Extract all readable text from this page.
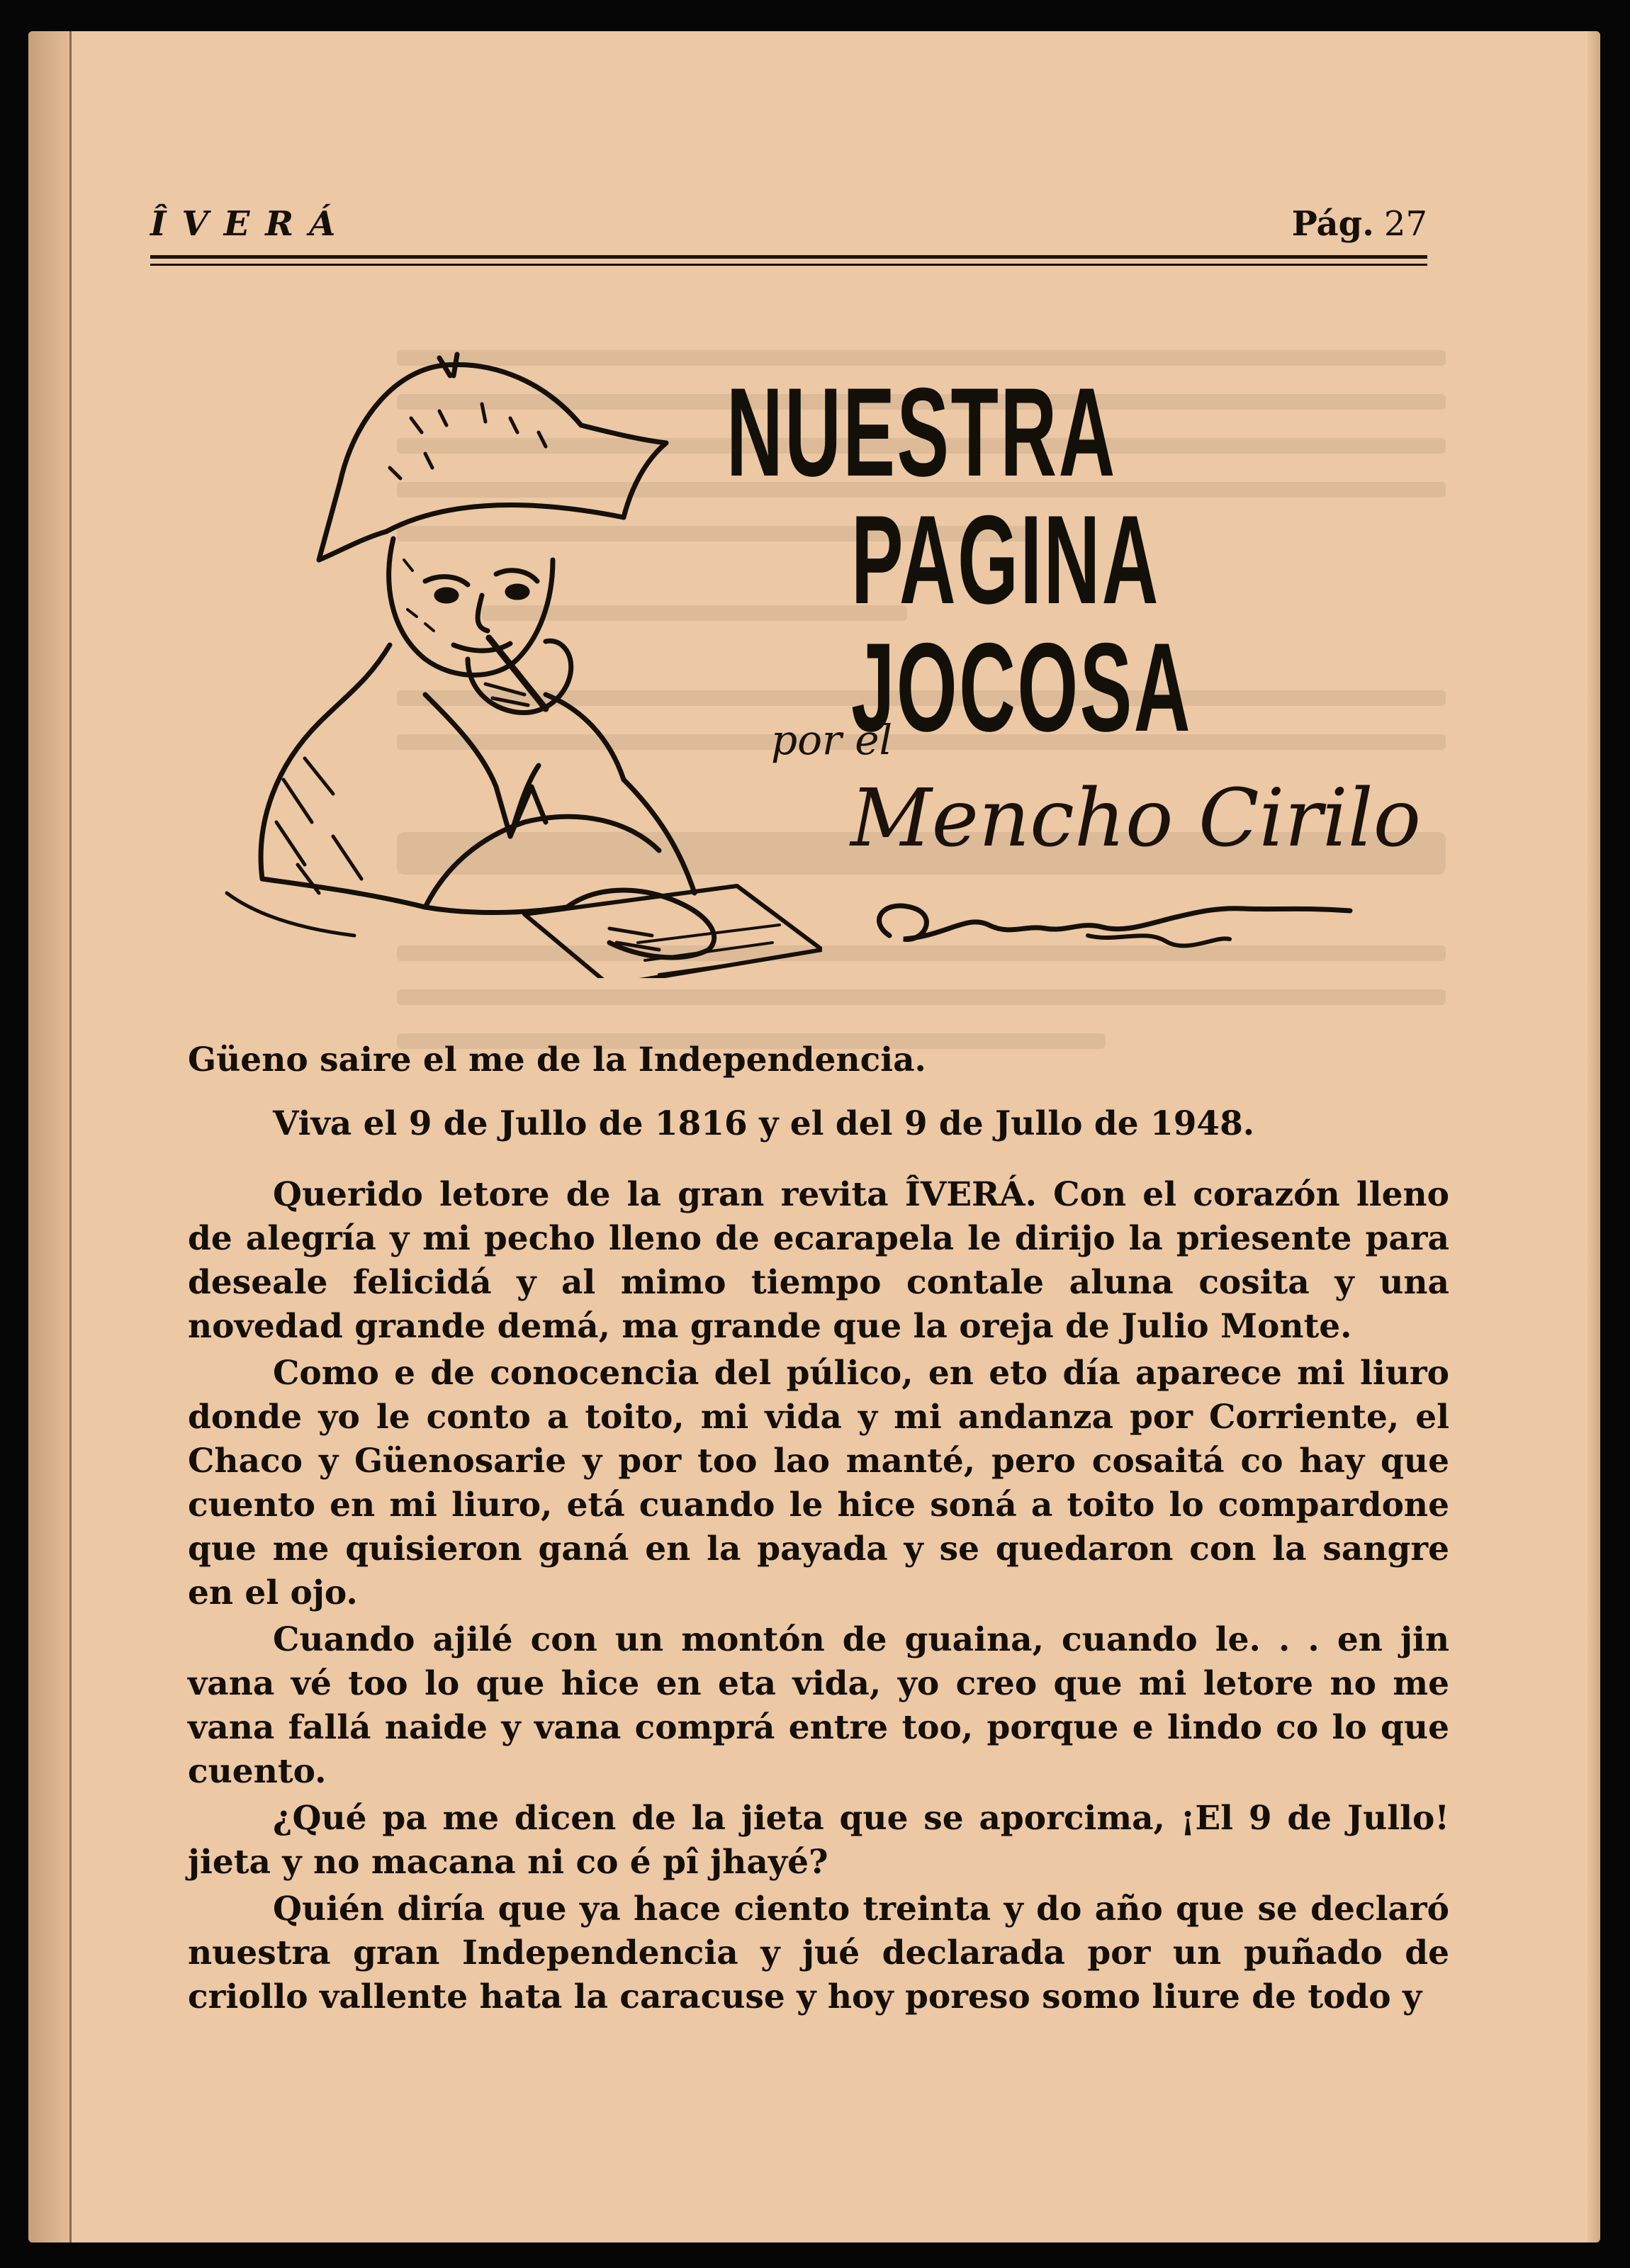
ÎVERÁ	Pág. 27
NUESTRA
PAGINA
JOCOSA
por el
Mencho Cirilo

Güeno saire el me de la Independencia.

Viva el 9 de Jullo de 1816 y el del 9 de Jullo de 1948.

Querido letore de la gran revita ÎVERÁ. Con el corazón lleno de alegría y mi pecho lleno de ecarapela le dirijo la priesente para deseale felicidá y al mimo tiempo contale aluna cosita y una novedad grande demá, ma grande que la oreja de Julio Monte.

Como e de conocencia del púlico, en eto día aparece mi liuro donde yo le conto a toito, mi vida y mi andanza por Corriente, el Chaco y Güenosarie y por too lao manté, pero cosaitá co hay que cuento en mi liuro, etá cuando le hice soná a toito lo compardone que me quisieron ganá en la payada y se quedaron con la sangre en el ojo.

Cuando ajilé con un montón de guaina, cuando le. . . en jin vana vé too lo que hice en eta vida, yo creo que mi letore no me vana fallá naide y vana comprá entre too, porque e lindo co lo que cuento.

¿Qué pa me dicen de la jieta que se aporcima, ¡El 9 de Jullo! jieta y no macana ni co é pî jhayé?

Quién diría que ya hace ciento treinta y do año que se declaró nuestra gran Independencia y jué declarada por un puñado de criollo vallente hata la caracuse y hoy poreso somo liure de todo y
